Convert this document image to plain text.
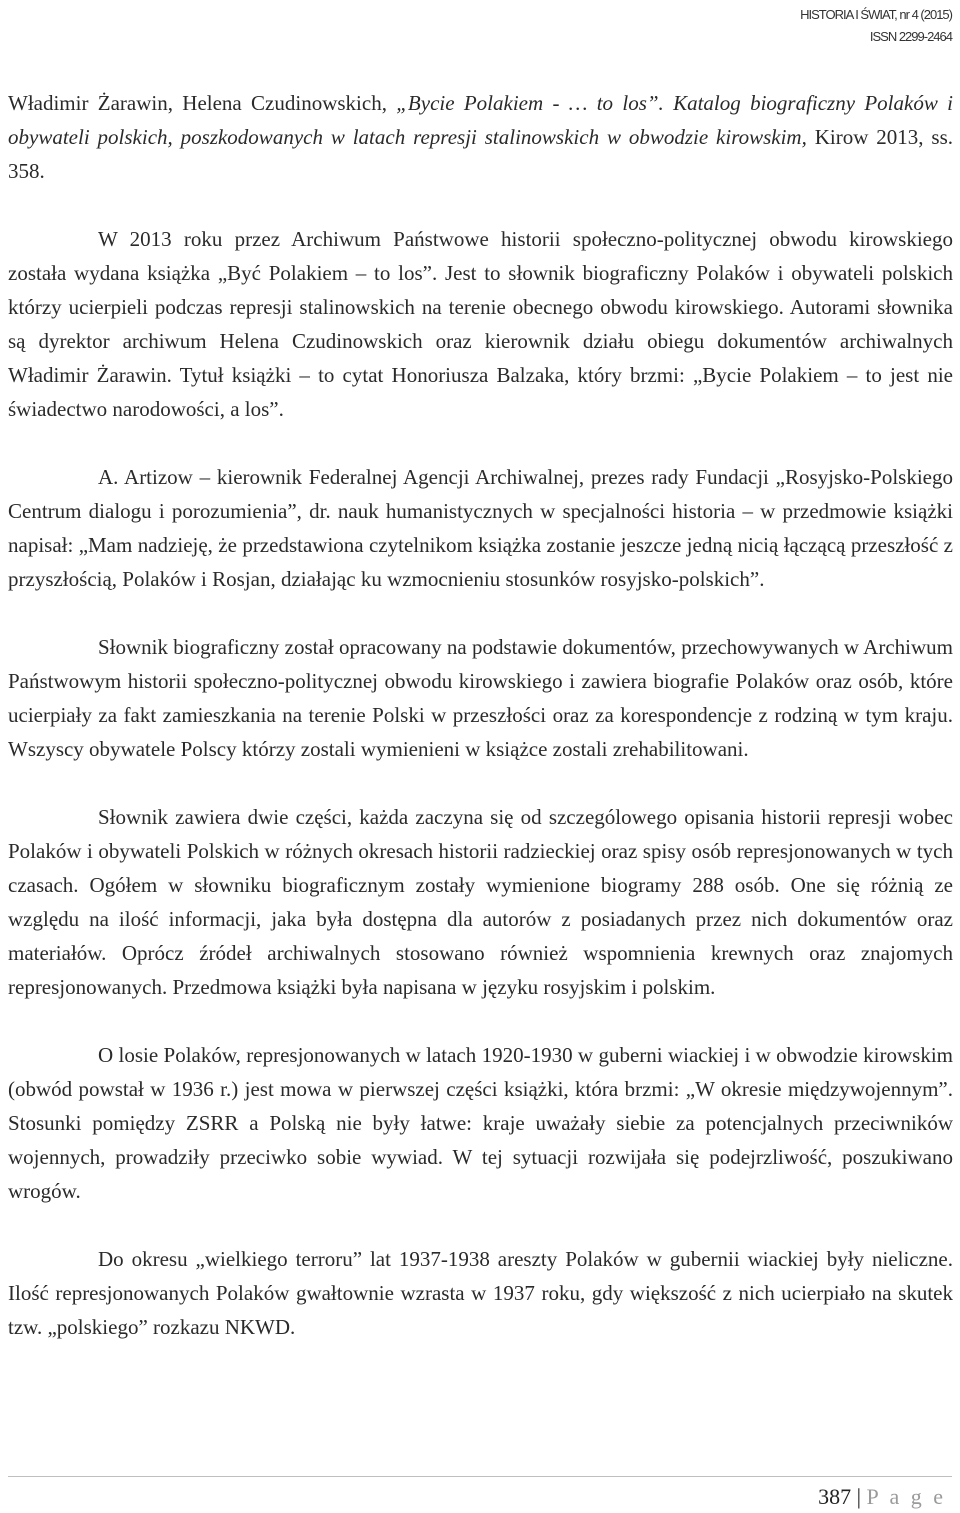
HISTORIA I ŚWIAT, nr 4 (2015)
ISSN 2299-2464

Władimir Żarawin, Helena Czudinowskich, „Bycie Polakiem - … to los”. Katalog biograficzny Polaków i obywateli polskich, poszkodowanych w latach represji stalinowskich w obwodzie kirowskim, Kirow 2013, ss. 358.

W 2013 roku przez Archiwum Państwowe historii społeczno-politycznej obwodu kirowskiego została wydana książka „Być Polakiem – to los”. Jest to słownik biograficzny Polaków i obywateli polskich którzy ucierpieli podczas represji stalinowskich na terenie obecnego obwodu kirowskiego. Autorami słownika są dyrektor archiwum Helena Czudinowskich oraz kierownik działu obiegu dokumentów archiwalnych Władimir Żarawin. Tytuł książki – to cytat Honoriusza Balzaka, który brzmi: „Bycie Polakiem – to jest nie świadectwo narodowości, a los”.

A. Artizow – kierownik Federalnej Agencji Archiwalnej, prezes rady Fundacji „Rosyjsko-Polskiego Centrum dialogu i porozumienia”, dr. nauk humanistycznych w specjalności historia – w przedmowie książki napisał: „Mam nadzieję, że przedstawiona czytelnikom książka zostanie jeszcze jedną nicią łączącą przeszłość z przyszłością, Polaków i Rosjan, działając ku wzmocnieniu stosunków rosyjsko-polskich”.

Słownik biograficzny został opracowany na podstawie dokumentów, przechowywanych w Archiwum Państwowym historii społeczno-politycznej obwodu kirowskiego i zawiera biografie Polaków oraz osób, które ucierpiały za fakt zamieszkania na terenie Polski w przeszłości oraz za korespondencje z rodziną w tym kraju. Wszyscy obywatele Polscy którzy zostali wymienieni w książce zostali zrehabilitowani.

Słownik zawiera dwie części, każda zaczyna się od szczególowego opisania historii represji wobec Polaków i obywateli Polskich w różnych okresach historii radzieckiej oraz spisy osób represjonowanych w tych czasach. Ogółem w słowniku biograficznym zostały wymienione biogramy 288 osób. One się różnią ze względu na ilość informacji, jaka była dostępna dla autorów z posiadanych przez nich dokumentów oraz materiałów. Oprócz źródeł archiwalnych stosowano również wspomnienia krewnych oraz znajomych represjonowanych. Przedmowa książki była napisana w języku rosyjskim i polskim.

O losie Polaków, represjonowanych w latach 1920-1930 w guberni wiackiej i w obwodzie kirowskim (obwód powstał w 1936 r.) jest mowa w pierwszej części książki, która brzmi: „W okresie międzywojennym”. Stosunki pomiędzy ZSRR a Polską nie były łatwe: kraje uważały siebie za potencjalnych przeciwników wojennych, prowadziły przeciwko sobie wywiad. W tej sytuacji rozwijała się podejrzliwość, poszukiwano wrogów.

Do okresu „wielkiego terroru” lat 1937-1938 areszty Polaków w gubernii wiackiej były nieliczne. Ilość represjonowanych Polaków gwałtownie wzrasta w 1937 roku, gdy większość z nich ucierpiało na skutek tzw. „polskiego” rozkazu NKWD.

387 | P a g e
